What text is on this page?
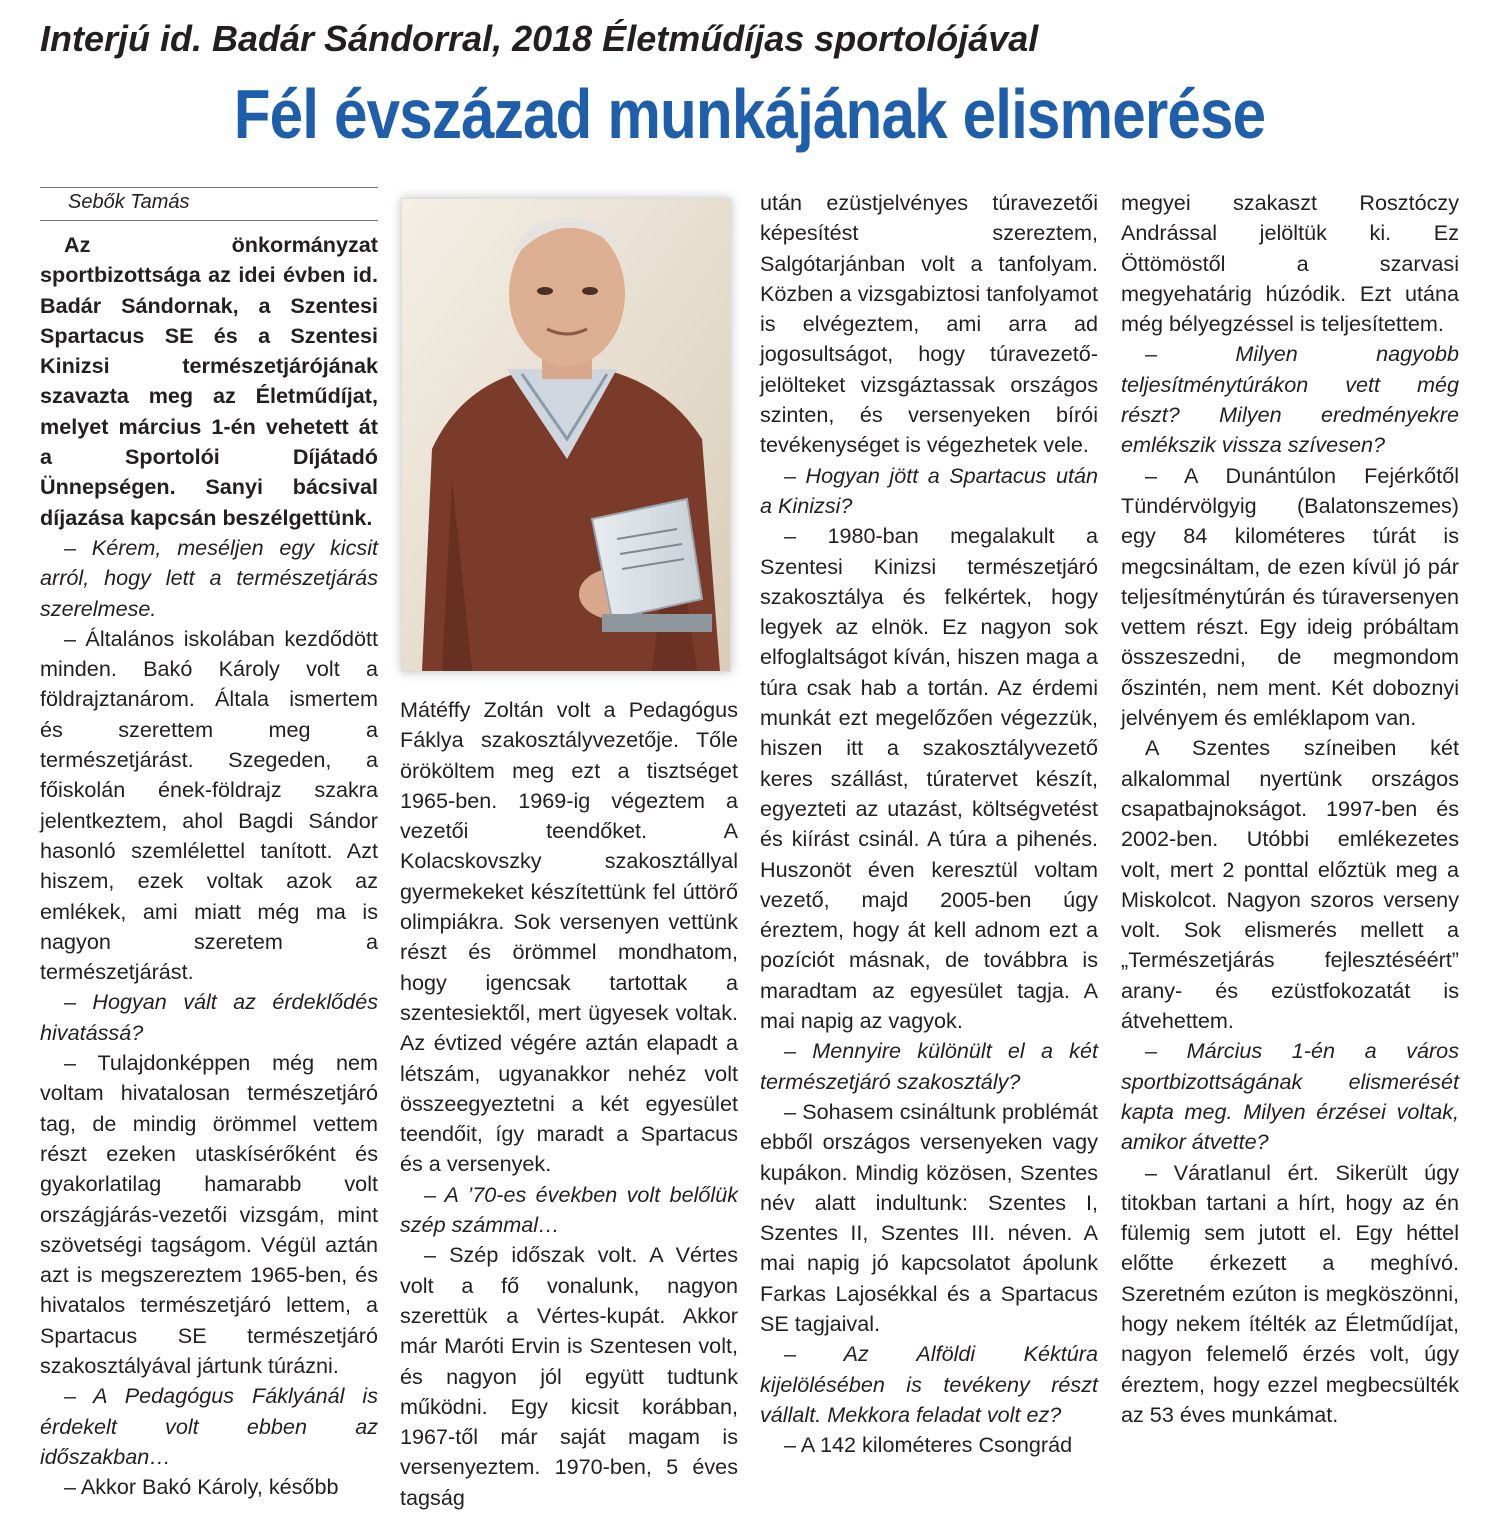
Interjú id. Badár Sándorral, 2018 Életműdíjas sportolójával
Fél évszázad munkájának elismerése
Sebők Tamás

Az önkormányzat sportbizottsága az idei évben id. Badár Sándornak, a Szentesi Spartacus SE és a Szentesi Kinizsi természetjárójának szavazta meg az Életműdíjat, melyet március 1-én vehetett át a Sportolói Díjátadó Ünnepségen. Sanyi bácsival díjazása kapcsán beszélgettünk.

– Kérem, meséljen egy kicsit arról, hogy lett a természetjárás szerelmese.

– Általános iskolában kezdődött minden. Bakó Károly volt a földrajztanárom. Általa ismertem és szerettem meg a természetjárást. Szegeden, a főiskolán ének-földrajz szakra jelentkeztem, ahol Bagdi Sándor hasonló szemlélettel tanított. Azt hiszem, ezek voltak azok az emlékek, ami miatt még ma is nagyon szeretem a természetjárást.

– Hogyan vált az érdeklődés hivatássá?

– Tulajdonképpen még nem voltam hivatalosan természetjáró tag, de mindig örömmel vettem részt ezeken utaskísérőként és gyakorlatilag hamarabb volt országjárás-vezetői vizsgám, mint szövetségi tagságom. Végül aztán azt is megszereztem 1965-ben, és hivatalos természetjáró lettem, a Spartacus SE természetjáró szakosztályával jártunk túrázni.

– A Pedagógus Fáklyánál is érdekelt volt ebben az időszakban…

– Akkor Bakó Károly, később

Mátéffy Zoltán volt a Pedagógus Fáklya szakosztályvezetője. Tőle örököltem meg ezt a tisztséget 1965-ben. 1969-ig végeztem a vezetői teendőket. A Kolacskovszky szakosztállyal gyermekeket készítettünk fel úttörő olimpiákra. Sok versenyen vettünk részt és örömmel mondhatom, hogy igencsak tartottak a szentesiektől, mert ügyesek voltak. Az évtized végére aztán elapadt a létszám, ugyanakkor nehéz volt összeegyeztetni a két egyesület teendőit, így maradt a Spartacus és a versenyek.

– A ’70-es években volt belőlük szép számmal…

– Szép időszak volt. A Vértes volt a fő vonalunk, nagyon szerettük a Vértes-kupát. Akkor már Maróti Ervin is Szentesen volt, és nagyon jól együtt tudtunk működni. Egy kicsit korábban, 1967-től már saját magam is versenyeztem. 1970-ben, 5 éves tagság

után ezüstjelvényes túravezetői képesítést szereztem, Salgótarjánban volt a tanfolyam. Közben a vizsgabiztosi tanfolyamot is elvégeztem, ami arra ad jogosultságot, hogy túravezető-jelölteket vizsgáztassak országos szinten, és versenyeken bírói tevékenységet is végezhetek vele.

– Hogyan jött a Spartacus után a Kinizsi?

– 1980-ban megalakult a Szentesi Kinizsi természetjáró szakosztálya és felkértek, hogy legyek az elnök. Ez nagyon sok elfoglaltságot kíván, hiszen maga a túra csak hab a tortán. Az érdemi munkát ezt megelőzően végezzük, hiszen itt a szakosztályvezető keres szállást, túratervet készít, egyezteti az utazást, költségvetést és kiírást csinál. A túra a pihenés. Huszonöt éven keresztül voltam vezető, majd 2005-ben úgy éreztem, hogy át kell adnom ezt a pozíciót másnak, de továbbra is maradtam az egyesület tagja. A mai napig az vagyok.

– Mennyire különült el a két természetjáró szakosztály?

– Sohasem csináltunk problémát ebből országos versenyeken vagy kupákon. Mindig közösen, Szentes név alatt indultunk: Szentes I, Szentes II, Szentes III. néven. A mai napig jó kapcsolatot ápolunk Farkas Lajosékkal és a Spartacus SE tagjaival.

– Az Alföldi Kéktúra kijelölésében is tevékeny részt vállalt. Mekkora feladat volt ez?

– A 142 kilométeres Csongrád

megyei szakaszt Rosztóczy Andrással jelöltük ki. Ez Öttömöstől a szarvasi megyehatárig húzódik. Ezt utána még bélyegzéssel is teljesítettem.

– Milyen nagyobb teljesítménytúrákon vett még részt? Milyen eredményekre emlékszik vissza szívesen?

– A Dunántúlon Fejérkőtől Tündérvölgyig (Balatonszemes) egy 84 kilométeres túrát is megcsináltam, de ezen kívül jó pár teljesítménytúrán és túraversenyen vettem részt. Egy ideig próbáltam összeszedni, de megmondom őszintén, nem ment. Két doboznyi jelvényem és emléklapom van.

A Szentes színeiben két alkalommal nyertünk országos csapatbajnokságot. 1997-ben és 2002-ben. Utóbbi emlékezetes volt, mert 2 ponttal előztük meg a Miskolcot. Nagyon szoros verseny volt. Sok elismerés mellett a „Természetjárás fejlesztéséért” arany- és ezüstfokozatát is átvehettem.

– Március 1-én a város sportbizottságának elismerését kapta meg. Milyen érzései voltak, amikor átvette?

– Váratlanul ért. Sikerült úgy titokban tartani a hírt, hogy az én fülemig sem jutott el. Egy héttel előtte érkezett a meghívó. Szeretném ezúton is megköszönni, hogy nekem ítélték az Életműdíjat, nagyon felemelő érzés volt, úgy éreztem, hogy ezzel megbecsülték az 53 éves munkámat.
